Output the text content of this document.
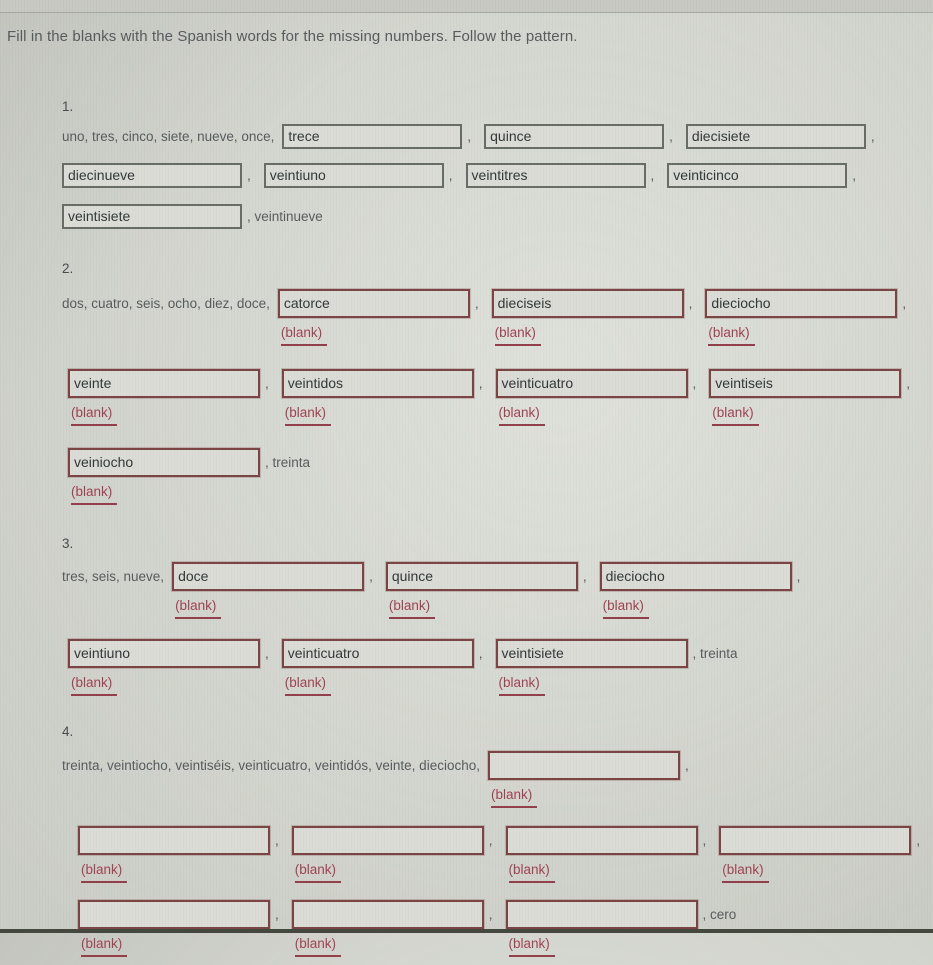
Fill in the blanks with the Spanish words for the missing numbers. Follow the pattern.
1.
uno, tres, cinco, siete, nueve, once,	trece	,	quince	,	diecisiete	,
diecinueve	,	veintiuno	,	veintitres	,	veinticinco	,
veintisiete	, veintinueve
2.
dos, cuatro, seis, ocho, diez, doce,	catorce
(blank)
,	dieciseis
(blank)
,	dieciocho
(blank)
,
veinte
(blank)
,	veintidos
(blank)
,	veinticuatro
(blank)
,	veintiseis
(blank)
,
veiniocho
(blank)
, treinta
3.
tres, seis, nueve,	doce
(blank)
,	quince
(blank)
,	dieciocho
(blank)
,
veintiuno
(blank)
,	veinticuatro
(blank)
,	veintisiete
(blank)
, treinta
4.
treinta, veintiocho, veintiséis, veinticuatro, veintidós, veinte, dieciocho,
(blank)
,
(blank)
,
(blank)
,
(blank)
,
(blank)
,
(blank)
,
(blank)
,
(blank)
, cero
